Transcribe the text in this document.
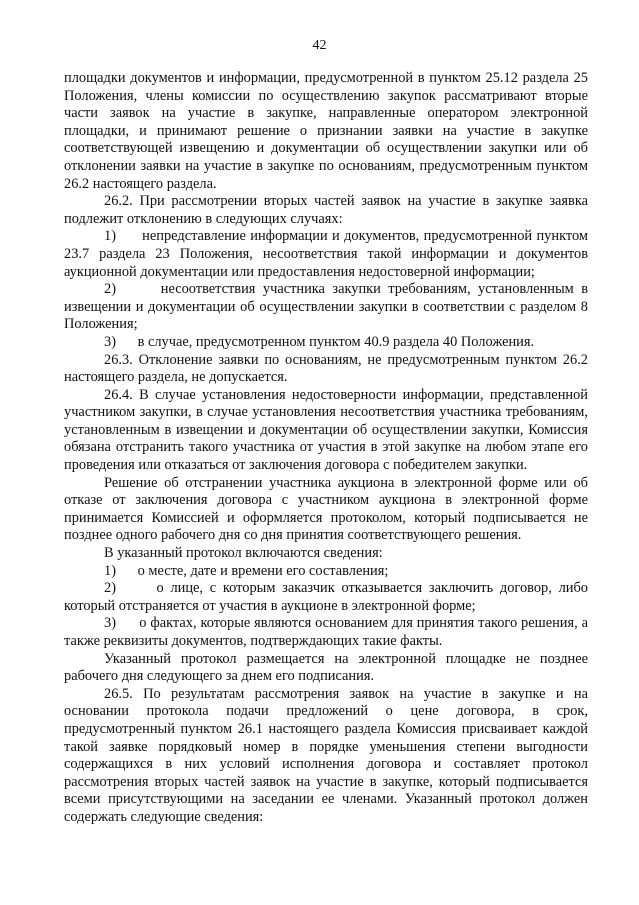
42

площадки документов и информации, предусмотренной в пунктом 25.12 раздела 25 Положения, члены комиссии по осуществлению закупок рассматривают вторые части заявок на участие в закупке, направленные оператором электронной площадки, и принимают решение о признании заявки на участие в закупке соответствующей извещению и документации об осуществлении закупки или об отклонении заявки на участие в закупке по основаниям, предусмотренным пунктом 26.2 настоящего раздела.

26.2. При рассмотрении вторых частей заявок на участие в закупке заявка подлежит отклонению в следующих случаях:

1)      непредставление информации и документов, предусмотренной пунктом 23.7 раздела 23 Положения, несоответствия такой информации и документов аукционной документации или предоставления недостоверной информации;

2)      несоответствия участника закупки требованиям, установленным в извещении и документации об осуществлении закупки в соответствии с разделом 8 Положения;

3)      в случае, предусмотренном пунктом 40.9 раздела 40 Положения.

26.3. Отклонение заявки по основаниям, не предусмотренным пунктом 26.2 настоящего раздела, не допускается.

26.4. В случае установления недостоверности информации, представленной участником закупки, в случае установления несоответствия участника требованиям, установленным в извещении и документации об осуществлении закупки, Комиссия обязана отстранить такого участника от участия в этой закупке на любом этапе его проведения или отказаться от заключения договора с победителем закупки.

Решение об отстранении участника аукциона в электронной форме или об отказе от заключения договора с участником аукциона в электронной форме принимается Комиссией и оформляется протоколом, который подписывается не позднее одного рабочего дня со дня принятия соответствующего решения.

В указанный протокол включаются сведения:

1)      о месте, дате и времени его составления;

2)      о лице, с которым заказчик отказывается заключить договор, либо который отстраняется от участия в аукционе в электронной форме;

3)      о фактах, которые являются основанием для принятия такого решения, а также реквизиты документов, подтверждающих такие факты.

Указанный протокол размещается на электронной площадке не позднее рабочего дня следующего за днем его подписания.

26.5. По результатам рассмотрения заявок на участие в закупке и на основании протокола подачи предложений о цене договора, в срок, предусмотренный пунктом 26.1 настоящего раздела Комиссия присваивает каждой такой заявке порядковый номер в порядке уменьшения степени выгодности содержащихся в них условий исполнения договора и составляет протокол рассмотрения вторых частей заявок на участие в закупке, который подписывается всеми присутствующими на заседании ее членами. Указанный протокол должен содержать следующие сведения:
